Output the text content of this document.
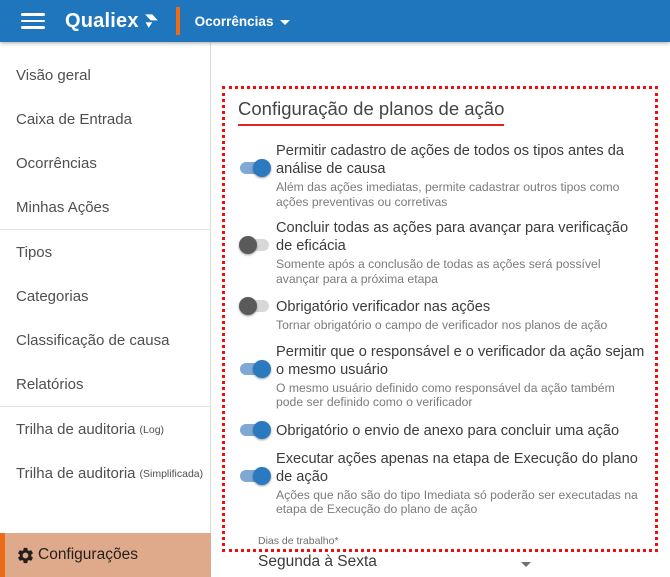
Qualiex	Ocorrências
Visão geral
Caixa de Entrada
Ocorrências
Minhas Ações
Tipos
Categorias
Classificação de causa
Relatórios
Trilha de auditoria (Log)
Trilha de auditoria (Simplificada)
Configurações
Configuração de planos de ação
Permitir cadastro de ações de todos os tipos antes da análise de causa
Além das ações imediatas, permite cadastrar outros tipos como ações preventivas ou corretivas
Concluir todas as ações para avançar para verificação de eficácia
Somente após a conclusão de todas as ações será possível avançar para a próxima etapa
Obrigatório verificador nas ações
Tornar obrigatório o campo de verificador nos planos de ação
Permitir que o responsável e o verificador da ação sejam o mesmo usuário
O mesmo usuário definido como responsável da ação também pode ser definido como o verificador
Obrigatório o envio de anexo para concluir uma ação
Executar ações apenas na etapa de Execução do plano de ação
Ações que não são do tipo Imediata só poderão ser executadas na etapa de Execução do plano de ação
Dias de trabalho*
Segunda à Sexta
